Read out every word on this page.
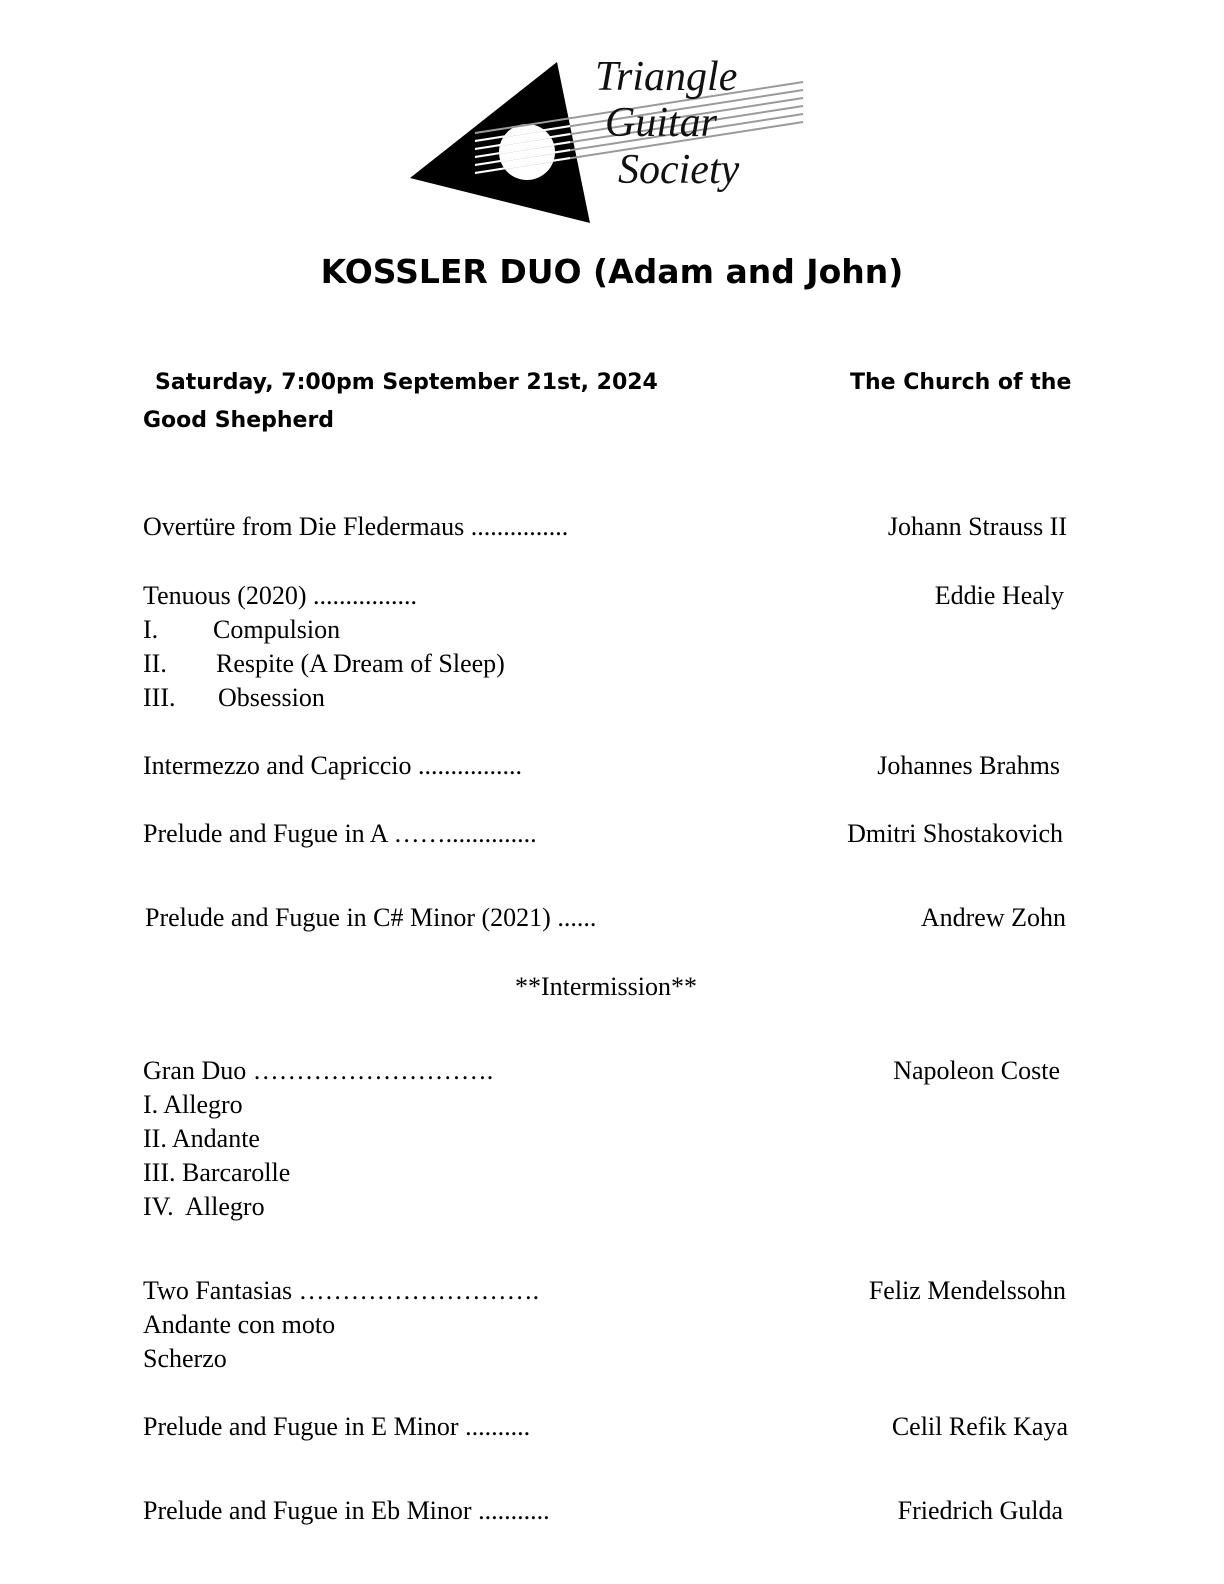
Triangle
Guitar
Society
KOSSLER DUO (Adam and John)
Saturday, 7:00pm September 21st, 2024	The Church of the
Good Shepherd
Overtüre from Die Fledermaus ...............	Johann Strauss II
Tenuous (2020) ................	Eddie Healy
I. Compulsion
II. Respite (A Dream of Sleep)
III. Obsession
Intermezzo and Capriccio ................	Johannes Brahms
Prelude and Fugue in A ……..............	Dmitri Shostakovich
Prelude and Fugue in C# Minor (2021) ......	Andrew Zohn
**Intermission**
Gran Duo ……………………….	Napoleon Coste
I. Allegro
II. Andante
III. Barcarolle
IV.  Allegro
Two Fantasias ……………………….	Feliz Mendelssohn
Andante con moto
Scherzo
Prelude and Fugue in E Minor ..........	Celil Refik Kaya
Prelude and Fugue in Eb Minor ...........	Friedrich Gulda
